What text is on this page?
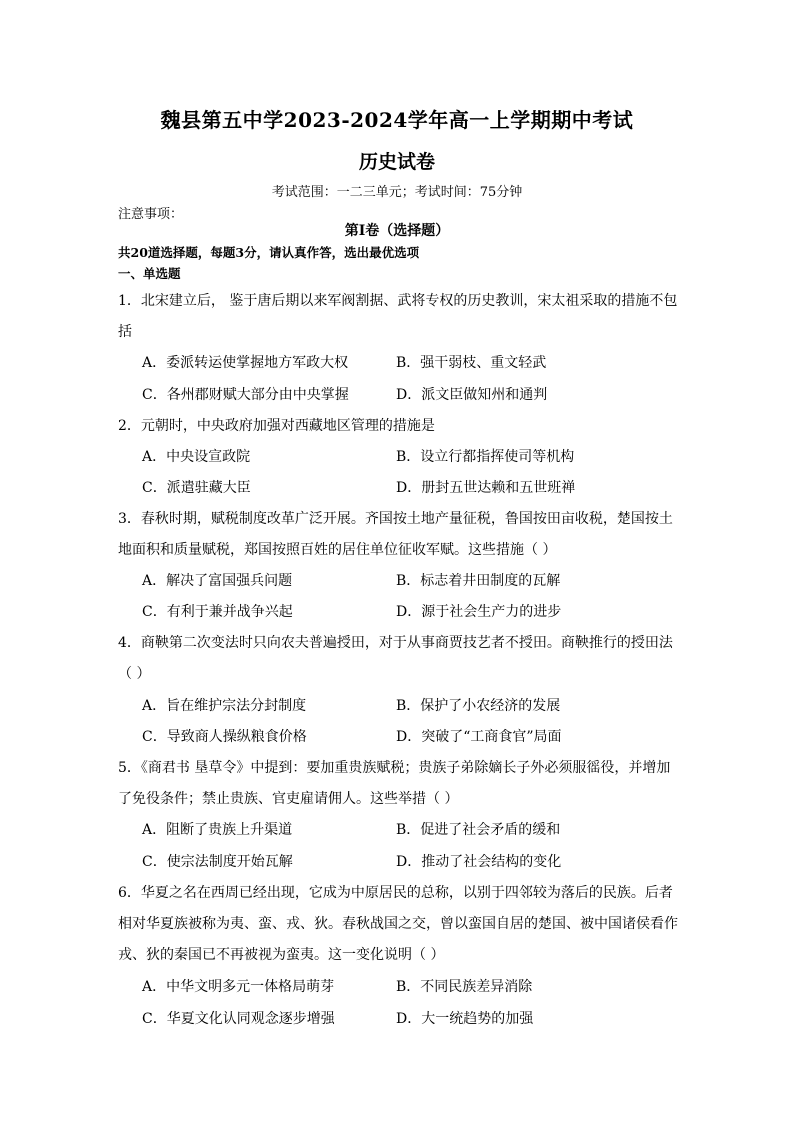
魏县第五中学2023-2024学年高一上学期期中考试
历史试卷
考试范围：一二三单元；考试时间：75分钟
注意事项：
第I卷（选择题）
共20道选择题，每题3分，请认真作答，选出最优选项
一、单选题
1．北宋建立后， 鉴于唐后期以来军阀割据、武将专权的历史教训，宋太祖采取的措施不包
括
A．委派转运使掌握地方军政大权	B．强干弱枝、重文轻武
C．各州郡财赋大部分由中央掌握	D．派文臣做知州和通判
2．元朝时，中央政府加强对西藏地区管理的措施是
A．中央设宣政院	B．设立行都指挥使司等机构
C．派遣驻藏大臣	D．册封五世达赖和五世班禅
3．春秋时期，赋税制度改革广泛开展。齐国按土地产量征税，鲁国按田亩收税，楚国按土
地面积和质量赋税，郑国按照百姓的居住单位征收军赋。这些措施（ ）
A．解决了富国强兵问题	B．标志着井田制度的瓦解
C．有利于兼并战争兴起	D．源于社会生产力的进步
4．商鞅第二次变法时只向农夫普遍授田，对于从事商贾技艺者不授田。商鞅推行的授田法
（ ）
A．旨在维护宗法分封制度	B．保护了小农经济的发展
C．导致商人操纵粮食价格	D．突破了“工商食官”局面
5．《商君书 垦草令》中提到：要加重贵族赋税；贵族子弟除嫡长子外必须服徭役，并增加
了免役条件；禁止贵族、官吏雇请佣人。这些举措（ ）
A．阻断了贵族上升渠道	B．促进了社会矛盾的缓和
C．使宗法制度开始瓦解	D．推动了社会结构的变化
6．华夏之名在西周已经出现，它成为中原居民的总称，以别于四邻较为落后的民族。后者
相对华夏族被称为夷、蛮、戎、狄。春秋战国之交，曾以蛮国自居的楚国、被中国诸侯看作
戎、狄的秦国已不再被视为蛮夷。这一变化说明（ ）
A．中华文明多元一体格局萌芽	B．不同民族差异消除
C．华夏文化认同观念逐步增强	D．大一统趋势的加强
